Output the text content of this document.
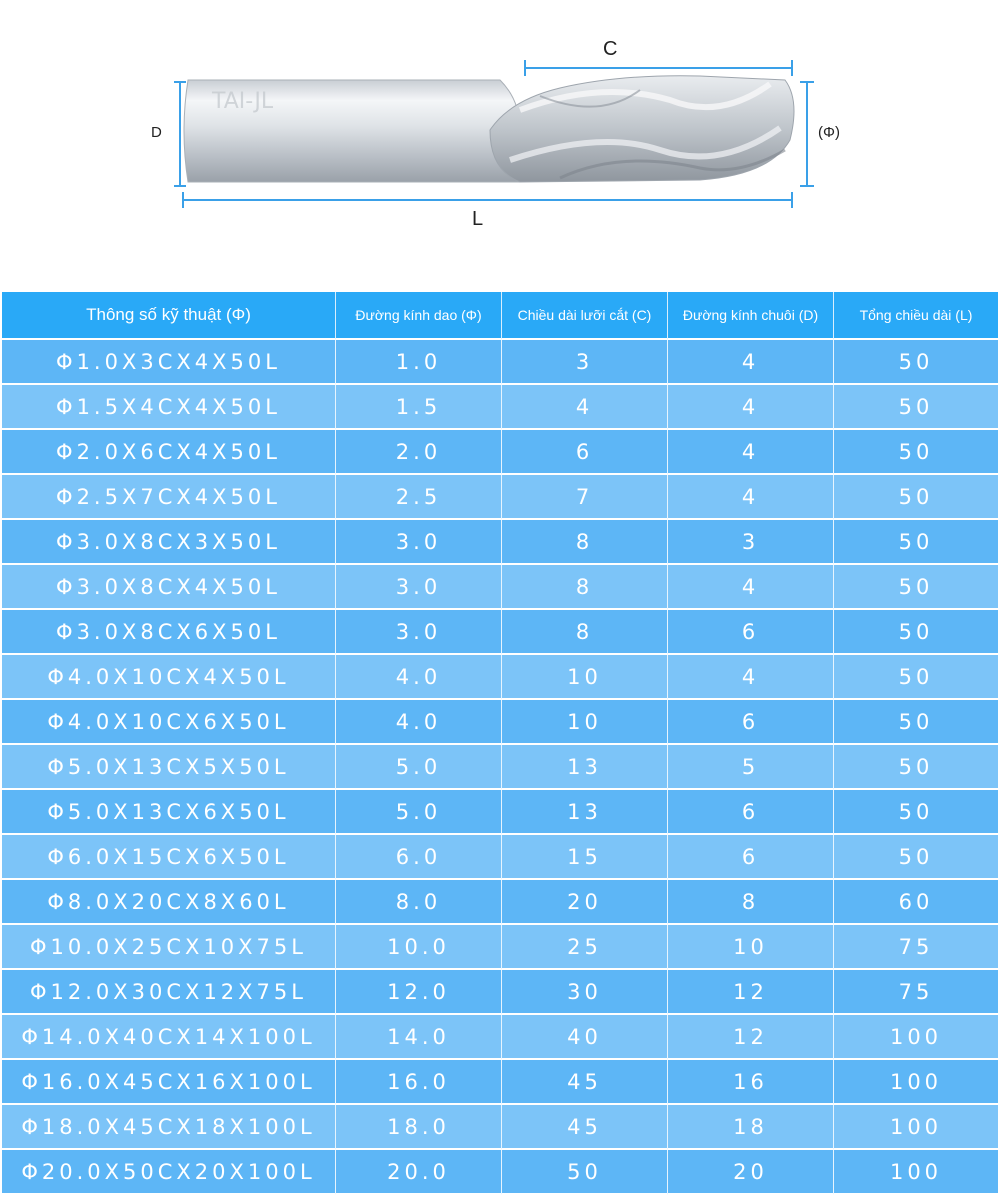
TAI-JL
C
D	(Φ)
L
Thông số kỹ thuật (Φ)	Đường kính dao (Φ)	Chiều dài lưỡi cắt (C)	Đường kính chuôi (D)	Tổng chiều dài (L)
Φ1.0X3CX4X50L	1.0	3	4	50
Φ1.5X4CX4X50L	1.5	4	4	50
Φ2.0X6CX4X50L	2.0	6	4	50
Φ2.5X7CX4X50L	2.5	7	4	50
Φ3.0X8CX3X50L	3.0	8	3	50
Φ3.0X8CX4X50L	3.0	8	4	50
Φ3.0X8CX6X50L	3.0	8	6	50
Φ4.0X10CX4X50L	4.0	10	4	50
Φ4.0X10CX6X50L	4.0	10	6	50
Φ5.0X13CX5X50L	5.0	13	5	50
Φ5.0X13CX6X50L	5.0	13	6	50
Φ6.0X15CX6X50L	6.0	15	6	50
Φ8.0X20CX8X60L	8.0	20	8	60
Φ10.0X25CX10X75L	10.0	25	10	75
Φ12.0X30CX12X75L	12.0	30	12	75
Φ14.0X40CX14X100L	14.0	40	12	100
Φ16.0X45CX16X100L	16.0	45	16	100
Φ18.0X45CX18X100L	18.0	45	18	100
Φ20.0X50CX20X100L	20.0	50	20	100
